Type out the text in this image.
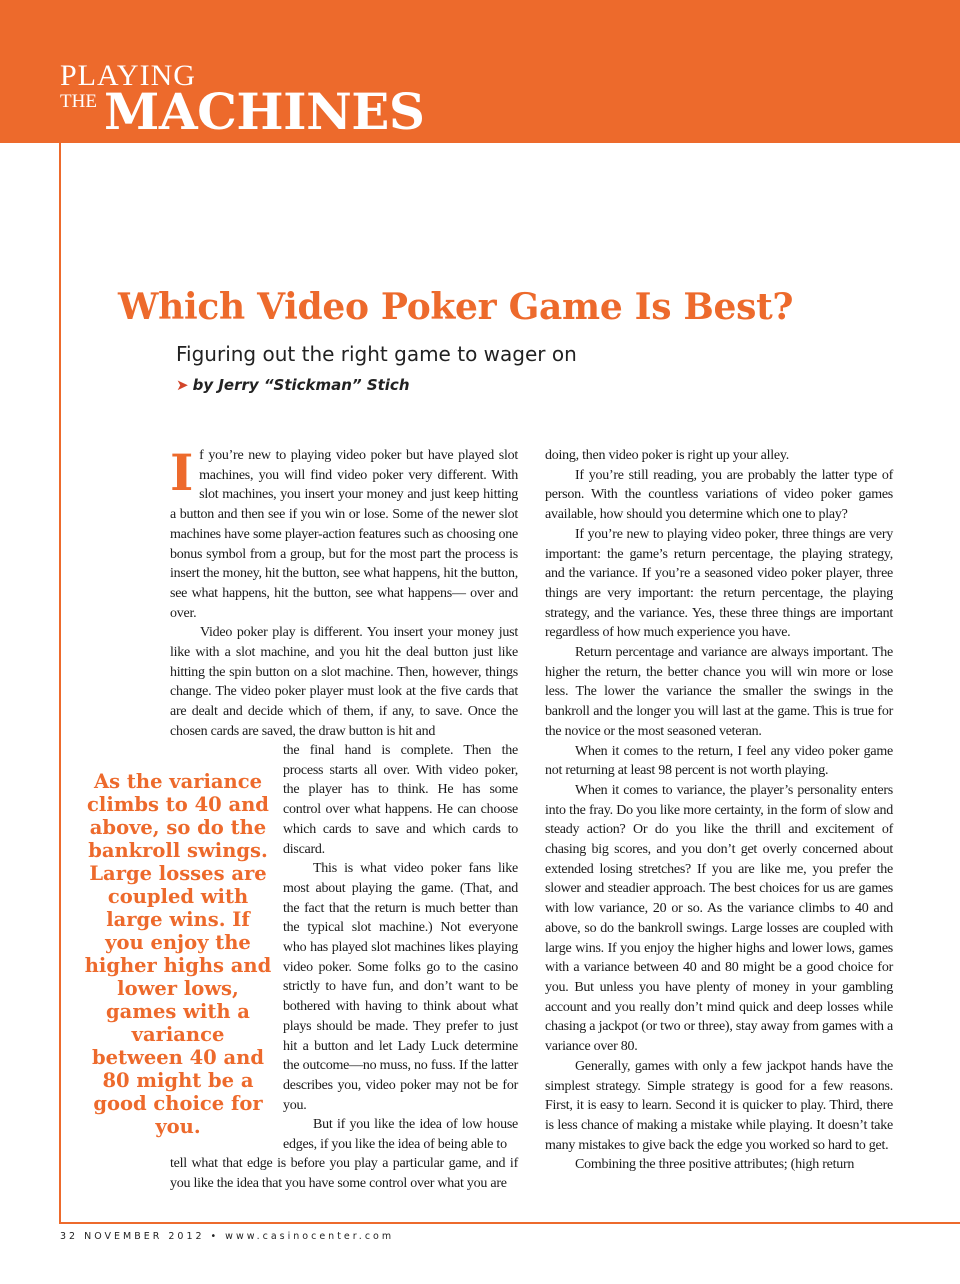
PLAYING
THE MACHINES
Which Video Poker Game Is Best?
Figuring out the right game to wager on
➤ by Jerry “Stickman” Stich

If you’re new to playing video poker but have played slot machines, you will find video poker very different. With slot machines, you insert your money and just keep hitting a button and then see if you win or lose. Some of the newer slot machines have some player-action features such as choosing one bonus symbol from a group, but for the most part the process is insert the money, hit the button, see what happens, hit the button, see what happens, hit the button, see what happens— over and over.

Video poker play is different. You insert your money just like with a slot machine, and you hit the deal button just like hitting the spin button on a slot machine. Then, however, things change. The video poker player must look at the five cards that are dealt and decide which of them, if any, to save. Once the chosen cards are saved, the draw button is hit and

the final hand is complete. Then the process starts all over. With video poker, the player has to think. He has some control over what happens. He can choose which cards to save and which cards to discard.

This is what video poker fans like most about playing the game. (That, and the fact that the return is much better than the typical slot machine.) Not everyone who has played slot machines likes playing video poker. Some folks go to the casino strictly to have fun, and don’t want to be bothered with having to think about what plays should be made. They prefer to just hit a button and let Lady Luck determine the outcome—no muss, no fuss. If the latter describes you, video poker may not be for you.

But if you like the idea of low house edges, if you like the idea of being able to

tell what that edge is before you play a particular game, and if you like the idea that you have some control over what you are

As the variance climbs to 40 and above, so do the bankroll swings. Large losses are coupled with large wins. If you enjoy the higher highs and lower lows, games with a variance between 40 and 80 might be a good choice for you.

doing, then video poker is right up your alley.

If you’re still reading, you are probably the latter type of person. With the countless variations of video poker games available, how should you determine which one to play?

If you’re new to playing video poker, three things are very important: the game’s return percentage, the playing strategy, and the variance. If you’re a seasoned video poker player, three things are very important: the return percentage, the playing strategy, and the variance. Yes, these three things are important regardless of how much experience you have.

Return percentage and variance are always important. The higher the return, the better chance you will win more or lose less. The lower the variance the smaller the swings in the bankroll and the longer you will last at the game. This is true for the novice or the most seasoned veteran.

When it comes to the return, I feel any video poker game not returning at least 98 percent is not worth playing.

When it comes to variance, the player’s personality enters into the fray. Do you like more certainty, in the form of slow and steady action? Or do you like the thrill and excitement of chasing big scores, and you don’t get overly concerned about extended losing stretches? If you are like me, you prefer the slower and steadier approach. The best choices for us are games with low variance, 20 or so. As the variance climbs to 40 and above, so do the bankroll swings. Large losses are coupled with large wins. If you enjoy the higher highs and lower lows, games with a variance between 40 and 80 might be a good choice for you. But unless you have plenty of money in your gambling account and you really don’t mind quick and deep losses while chasing a jackpot (or two or three), stay away from games with a variance over 80.

Generally, games with only a few jackpot hands have the simplest strategy. Simple strategy is good for a few reasons. First, it is easy to learn. Second it is quicker to play. Third, there is less chance of making a mistake while playing. It doesn’t take many mistakes to give back the edge you worked so hard to get.

Combining the three positive attributes; (high return

32 NOVEMBER 2012 • www.casinocenter.com
